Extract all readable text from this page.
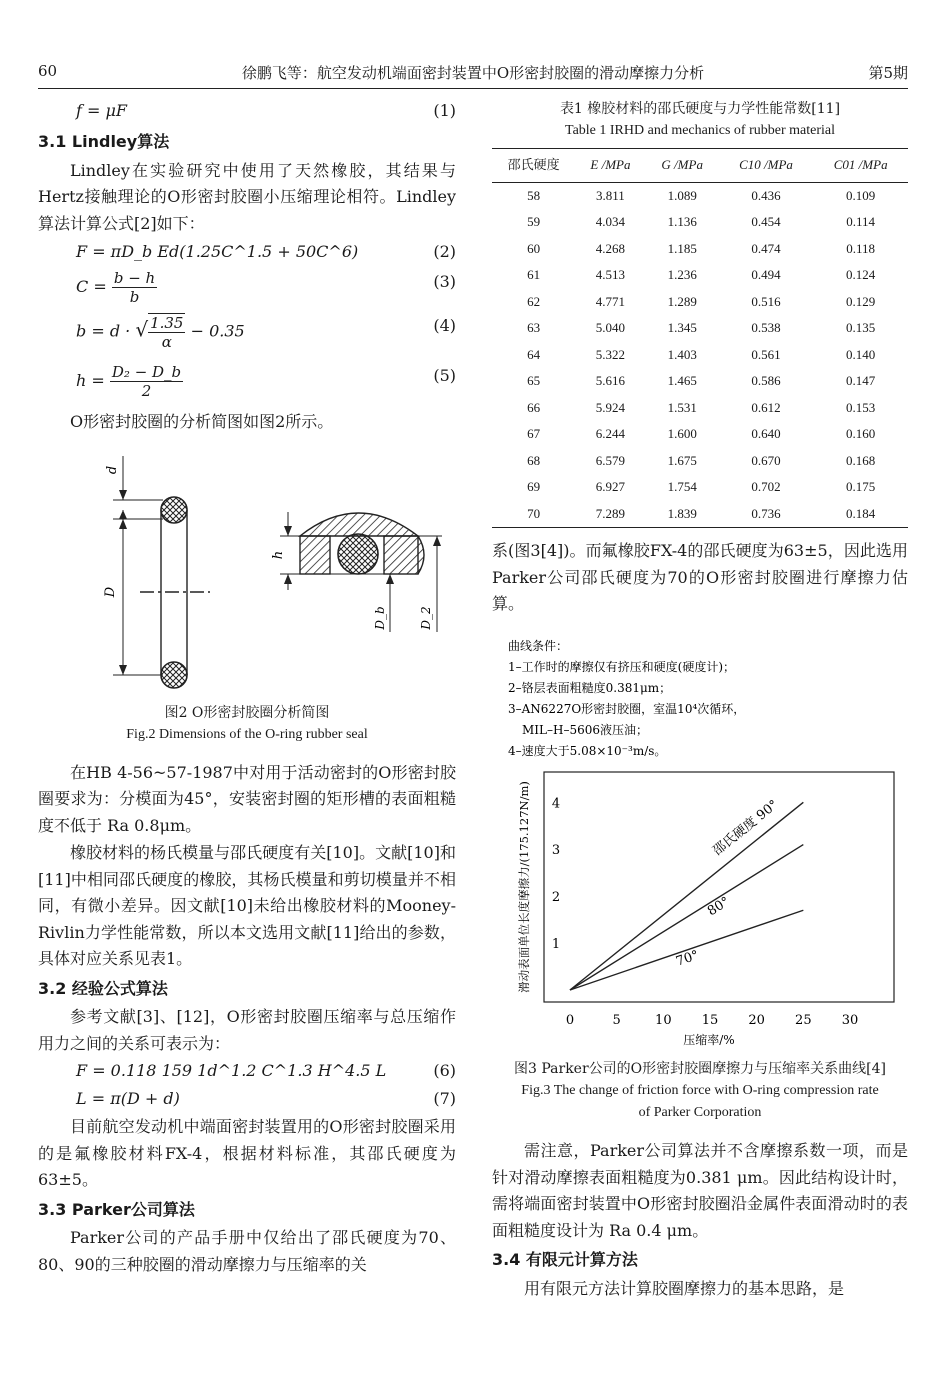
60	徐鹏飞等：航空发动机端面密封装置中O形密封胶圈的滑动摩擦力分析	第5期
f = μF	(1)
3.1 Lindley算法

Lindley在实验研究中使用了天然橡胶，其结果与Hertz接触理论的O形密封胶圈小压缩理论相符。Lindley算法计算公式[2]如下：

F = πD_b Ed(1.25C^1.5 + 50C^6)	(2)
$C = \frac{b - h}{b}$	(3)
b = d · √ $\frac{1.35}{\alpha} - 0.35$	(4)
$h = \frac{\text{D₂ − D\_b}}{2}$	(5)

O形密封胶圈的分析简图如图2所示。

d
D
h
D_b	D_2
图2 O形密封胶圈分析简图
Fig.2 Dimensions of the O-ring rubber seal

在HB 4-56~57-1987中对用于活动密封的O形密封胶圈要求为：分模面为45°，安装密封圈的矩形槽的表面粗糙度不低于 Ra 0.8μm。

橡胶材料的杨氏模量与邵氏硬度有关[10]。文献[10]和[11]中相同邵氏硬度的橡胶，其杨氏模量和剪切模量并不相同，有微小差异。因文献[10]未给出橡胶材料的Mooney-Rivlin力学性能常数，所以本文选用文献[11]给出的参数，具体对应关系见表1。

3.2 经验公式算法

参考文献[3]、[12]，O形密封胶圈压缩率与总压缩作用力之间的关系可表示为：

F = 0.118 159 1d^1.2 C^1.3 H^4.5 L	(6)
L = π(D + d)	(7)

目前航空发动机中端面密封装置用的O形密封胶圈采用的是氟橡胶材料FX-4，根据材料标准，其邵氏硬度为63±5。

3.3 Parker公司算法

Parker公司的产品手册中仅给出了邵氏硬度为70、80、90的三种胶圈的滑动摩擦力与压缩率的关

表1 橡胶材料的邵氏硬度与力学性能常数[11]
Table 1 IRHD and mechanics of rubber material
邵氏硬度	E /MPa	G /MPa	C10 /MPa	C01 /MPa
58	3.811	1.089	0.436	0.109
59	4.034	1.136	0.454	0.114
60	4.268	1.185	0.474	0.118
61	4.513	1.236	0.494	0.124
62	4.771	1.289	0.516	0.129
63	5.040	1.345	0.538	0.135
64	5.322	1.403	0.561	0.140
65	5.616	1.465	0.586	0.147
66	5.924	1.531	0.612	0.153
67	6.244	1.600	0.640	0.160
68	6.579	1.675	0.670	0.168
69	6.927	1.754	0.702	0.175
70	7.289	1.839	0.736	0.184

系(图3[4])。而氟橡胶FX-4的邵氏硬度为63±5，因此选用Parker公司邵氏硬度为70的O形密封胶圈进行摩擦力估算。

曲线条件：
1–工作时的摩擦仅有挤压和硬度(硬度计)；
2–铬层表面粗糙度0.381μm；
3–AN6227O形密封胶圈，室温10⁴次循环，
MIL–H–5606液压油；
4–速度大于5.08×10⁻³m/s。
0	5	10 15 20 25 30
1
2
3
4
压缩率/%
滑动表面单位长度摩擦力/(175.127N/m)	邵氏硬度 90°
80°
70°
图3 Parker公司的O形密封胶圈摩擦力与压缩率关系曲线[4]
Fig.3 The change of friction force with O-ring compression rate
of Parker Corporation

需注意，Parker公司算法并不含摩擦系数一项，而是针对滑动摩擦表面粗糙度为0.381 μm。因此结构设计时，需将端面密封装置中O形密封胶圈沿金属件表面滑动时的表面粗糙度设计为 Ra 0.4 μm。

3.4 有限元计算方法

用有限元方法计算胶圈摩擦力的基本思路，是
